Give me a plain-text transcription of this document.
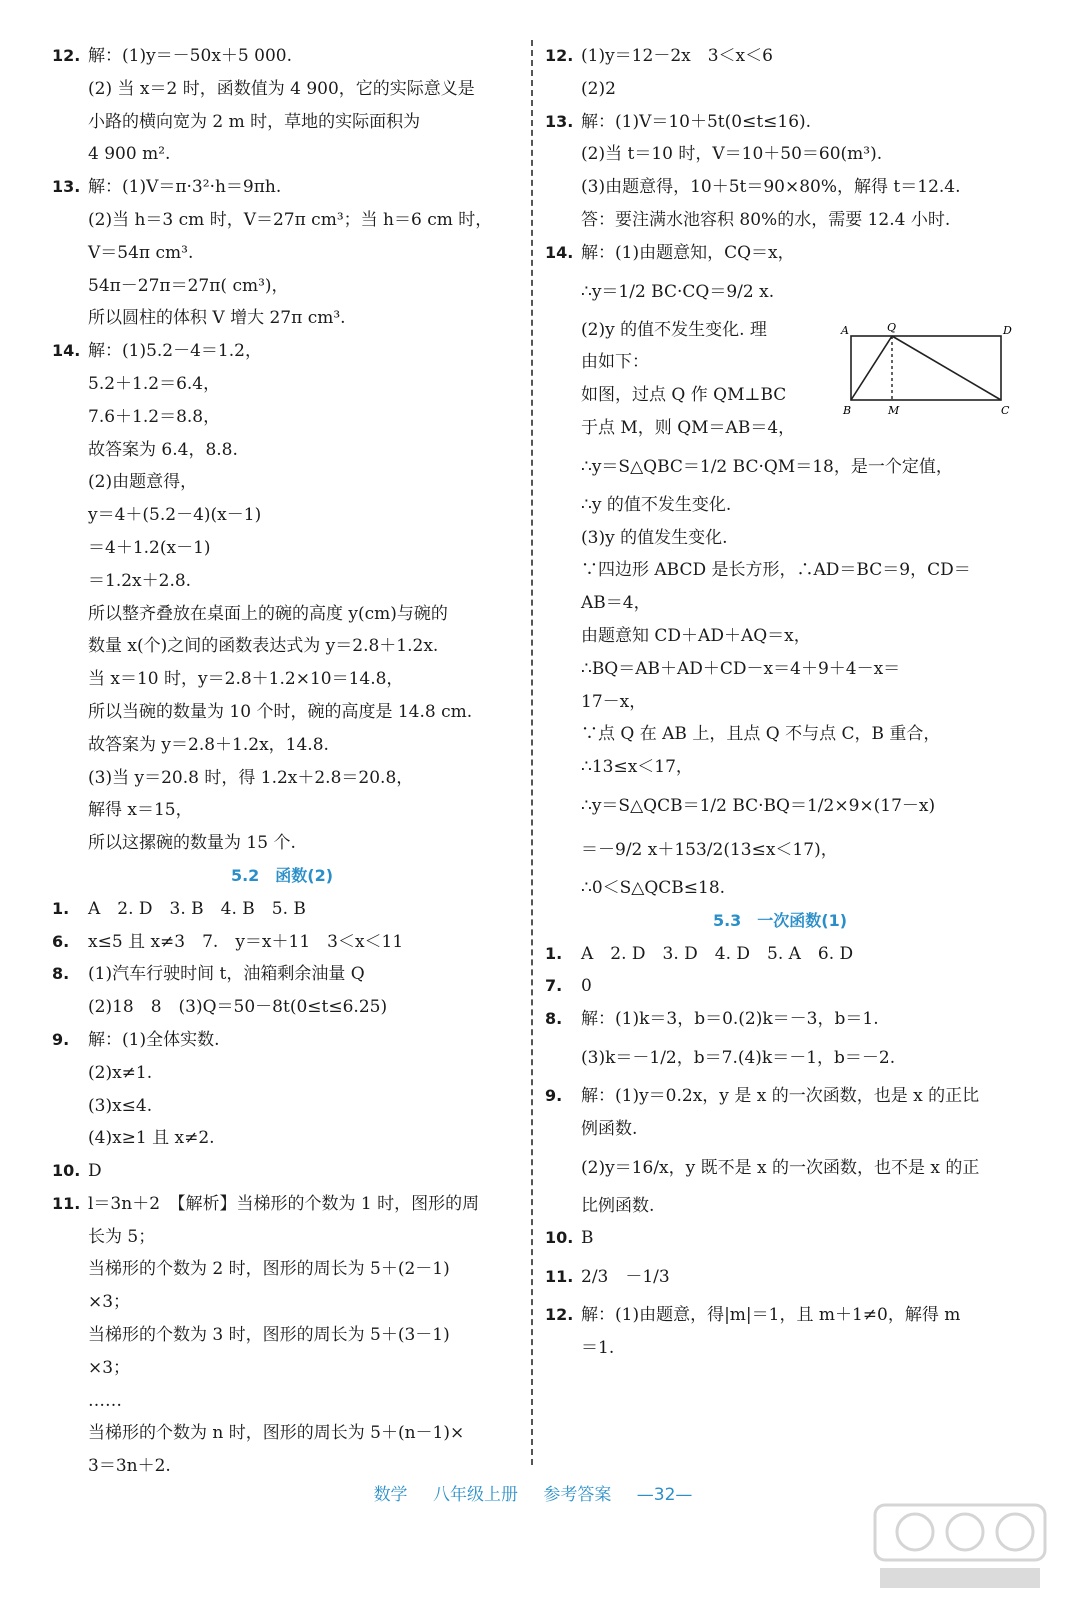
12. 解：(1)y＝－50x＋5 000.
(2) 当 x＝2 时，函数值为 4 900，它的实际意义是
小路的横向宽为 2 m 时，草地的实际面积为
4 900 m².
13. 解：(1)V＝π·3²·h＝9πh.
(2)当 h＝3 cm 时，V＝27π cm³；当 h＝6 cm 时，
V＝54π cm³.
54π－27π＝27π( cm³)，
所以圆柱的体积 V 增大 27π cm³.
14. 解：(1)5.2－4＝1.2，
5.2＋1.2＝6.4，
7.6＋1.2＝8.8，
故答案为 6.4，8.8.
(2)由题意得，
y＝4＋(5.2－4)(x－1)
＝4＋1.2(x－1)
＝1.2x＋2.8.
所以整齐叠放在桌面上的碗的高度 y(cm)与碗的
数量 x(个)之间的函数表达式为 y＝2.8＋1.2x.
当 x＝10 时，y＝2.8＋1.2×10＝14.8，
所以当碗的数量为 10 个时，碗的高度是 14.8 cm.
故答案为 y＝2.8＋1.2x，14.8.
(3)当 y＝20.8 时，得 1.2x＋2.8＝20.8，
解得 x＝15，
所以这摞碗的数量为 15 个.
5.2　函数(2)
1. A　2. D　3. B　4. B　5. B
6. x≤5 且 x≠3　7.　y＝x＋11　3＜x＜11
8. (1)汽车行驶时间 t，油箱剩余油量 Q
(2)18　8　(3)Q＝50－8t(0≤t≤6.25)
9. 解：(1)全体实数.
(2)x≠1.
(3)x≤4.
(4)x≥1 且 x≠2.
10. D
11. l＝3n＋2　【解析】当梯形的个数为 1 时，图形的周
长为 5；
当梯形的个数为 2 时，图形的周长为 5＋(2－1)
×3；
当梯形的个数为 3 时，图形的周长为 5＋(3－1)
×3；
……
当梯形的个数为 n 时，图形的周长为 5＋(n－1)×
3＝3n＋2.
12. (1)y＝12－2x　3＜x＜6
(2)2
13. 解：(1)V＝10＋5t(0≤t≤16).
(2)当 t＝10 时，V＝10＋50＝60(m³).
(3)由题意得，10＋5t＝90×80%，解得 t＝12.4.
答：要注满水池容积 80%的水，需要 12.4 小时.
14. 解：(1)由题意知，CQ＝x，
∴y＝1/2 BC·CQ＝9/2 x.
(2)y 的值不发生变化. 理
由如下：
如图，过点 Q 作 QM⊥BC
于点 M，则 QM＝AB＝4，
∴y＝S△QBC＝1/2 BC·QM＝18，是一个定值，
∴y 的值不发生变化.
(3)y 的值发生变化.
∵四边形 ABCD 是长方形，∴AD＝BC＝9，CD＝
AB＝4，
由题意知 CD＋AD＋AQ＝x，
∴BQ＝AB＋AD＋CD－x＝4＋9＋4－x＝
17－x，
∵点 Q 在 AB 上，且点 Q 不与点 C，B 重合，
∴13≤x＜17，
∴y＝S△QCB＝1/2 BC·BQ＝1/2×9×(17－x)
＝－9/2 x＋153/2(13≤x＜17)，
∴0＜S△QCB≤18.
5.3　一次函数(1)
1. A　2. D　3. D　4. D　5. A　6. D
7. 0
8. 解：(1)k＝3，b＝0.(2)k＝－3，b＝1.
(3)k＝－1/2，b＝7.(4)k＝－1，b＝－2.
9. 解：(1)y＝0.2x，y 是 x 的一次函数，也是 x 的正比
例函数.
(2)y＝16/x，y 既不是 x 的一次函数，也不是 x 的正
比例函数.
10. B
11. 2/3　－1/3
12. 解：(1)由题意，得|m|＝1，且 m＋1≠0，解得 m
＝1.
A	Q	D
B	M	C
数学 八年级上册 参考答案 —32—
